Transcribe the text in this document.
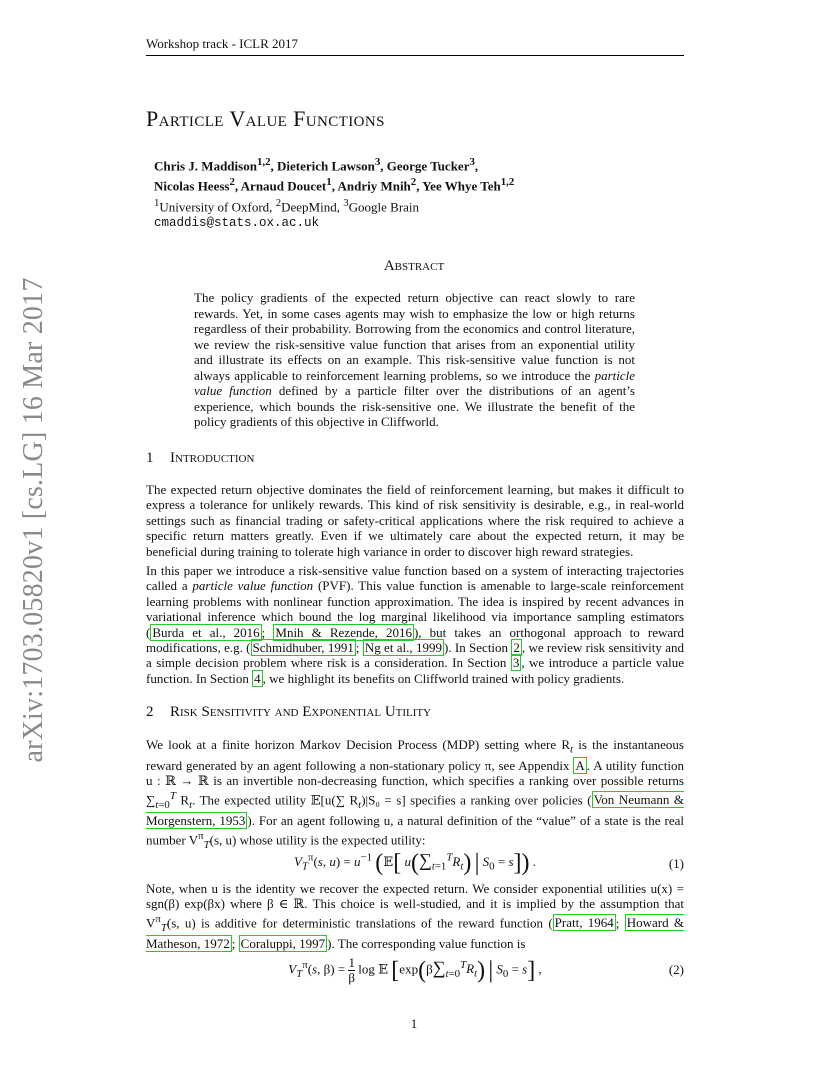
Workshop track - ICLR 2017
arXiv:1703.05820v1 [cs.LG] 16 Mar 2017
Particle Value Functions
Chris J. Maddison$^{1,2}$, Dieterich Lawson$^3$, George Tucker$^3$,
Nicolas Heess$^2$, Arnaud Doucet$^1$, Andriy Mnih$^2$, Yee Whye Teh$^{1,2}$
$^1$University of Oxford, $^2$DeepMind, $^3$Google Brain
cmaddis@stats.ox.ac.uk
Abstract
The policy gradients of the expected return objective can react slowly to rare rewards. Yet, in some cases agents may wish to emphasize the low or high returns regardless of their probability. Borrowing from the economics and control literature, we review the risk-sensitive value function that arises from an exponential utility and illustrate its effects on an example. This risk-sensitive value function is not always applicable to reinforcement learning problems, so we introduce the particle value function defined by a particle filter over the distributions of an agent’s experience, which bounds the risk-sensitive one. We illustrate the benefit of the policy gradients of this objective in Cliffworld.
1 Introduction
The expected return objective dominates the field of reinforcement learning, but makes it difficult to express a tolerance for unlikely rewards. This kind of risk sensitivity is desirable, e.g., in real-world settings such as financial trading or safety-critical applications where the risk required to achieve a specific return matters greatly. Even if we ultimately care about the expected return, it may be beneficial during training to tolerate high variance in order to discover high reward strategies.
In this paper we introduce a risk-sensitive value function based on a system of interacting trajectories called a particle value function (PVF). This value function is amenable to large-scale reinforcement learning problems with nonlinear function approximation. The idea is inspired by recent advances in variational inference which bound the log marginal likelihood via importance sampling estimators ( Burda et al., 2016 ; Mnih & Rezende, 2016 ), but takes an orthogonal approach to reward modifications, e.g. ( Schmidhuber, 1991 ; Ng et al., 1999 ). In Section 2 , we review risk sensitivity and a simple decision problem where risk is a consideration. In Section 3 , we introduce a particle value function. In Section 4 , we highlight its benefits on Cliffworld trained with policy gradients.
2 Risk Sensitivity and Exponential Utility
We look at a finite horizon Markov Decision Process (MDP) setting where $R_t$ is the instantaneous reward generated by an agent following a non-stationary policy π, see Appendix A . A utility function u : ℝ → ℝ is an invertible non-decreasing function, which specifies a ranking over possible returns $\sum_{t=0}^T$ $R_t$. The expected utility 𝔼[u(∑ $R_t)|S_0 = s$] specifies a ranking over policies ( Von Neumann & Morgenstern, 1953 ). For an agent following u, a natural definition of the “value” of a state is the real number $V^\pi_T(s$, u) whose utility is the expected utility:
$V_T^\pi(s$, $u) = u^{-1}$ (𝔼[ $u(\sum_{t=1}^TR_t)$ | $S_0 = s$]) .	(1)
Note, when u is the identity we recover the expected return. We consider exponential utilities u(x) = sgn(β) exp(βx) where β ∈ ℝ. This choice is well-studied, and it is implied by the assumption that $V^\pi_T(s$, u) is additive for deterministic translations of the reward function ( Pratt, 1964 ; Howard & Matheson, 1972 ; Coraluppi, 1997 ). The corresponding value function is
$V_T^\pi(s$, $\beta) = \frac{1}{\beta}$ log 𝔼 [$\exp(\beta\sum_{t=0}^TR_t)$ | $S_0 = s$] ,	(2)
1
